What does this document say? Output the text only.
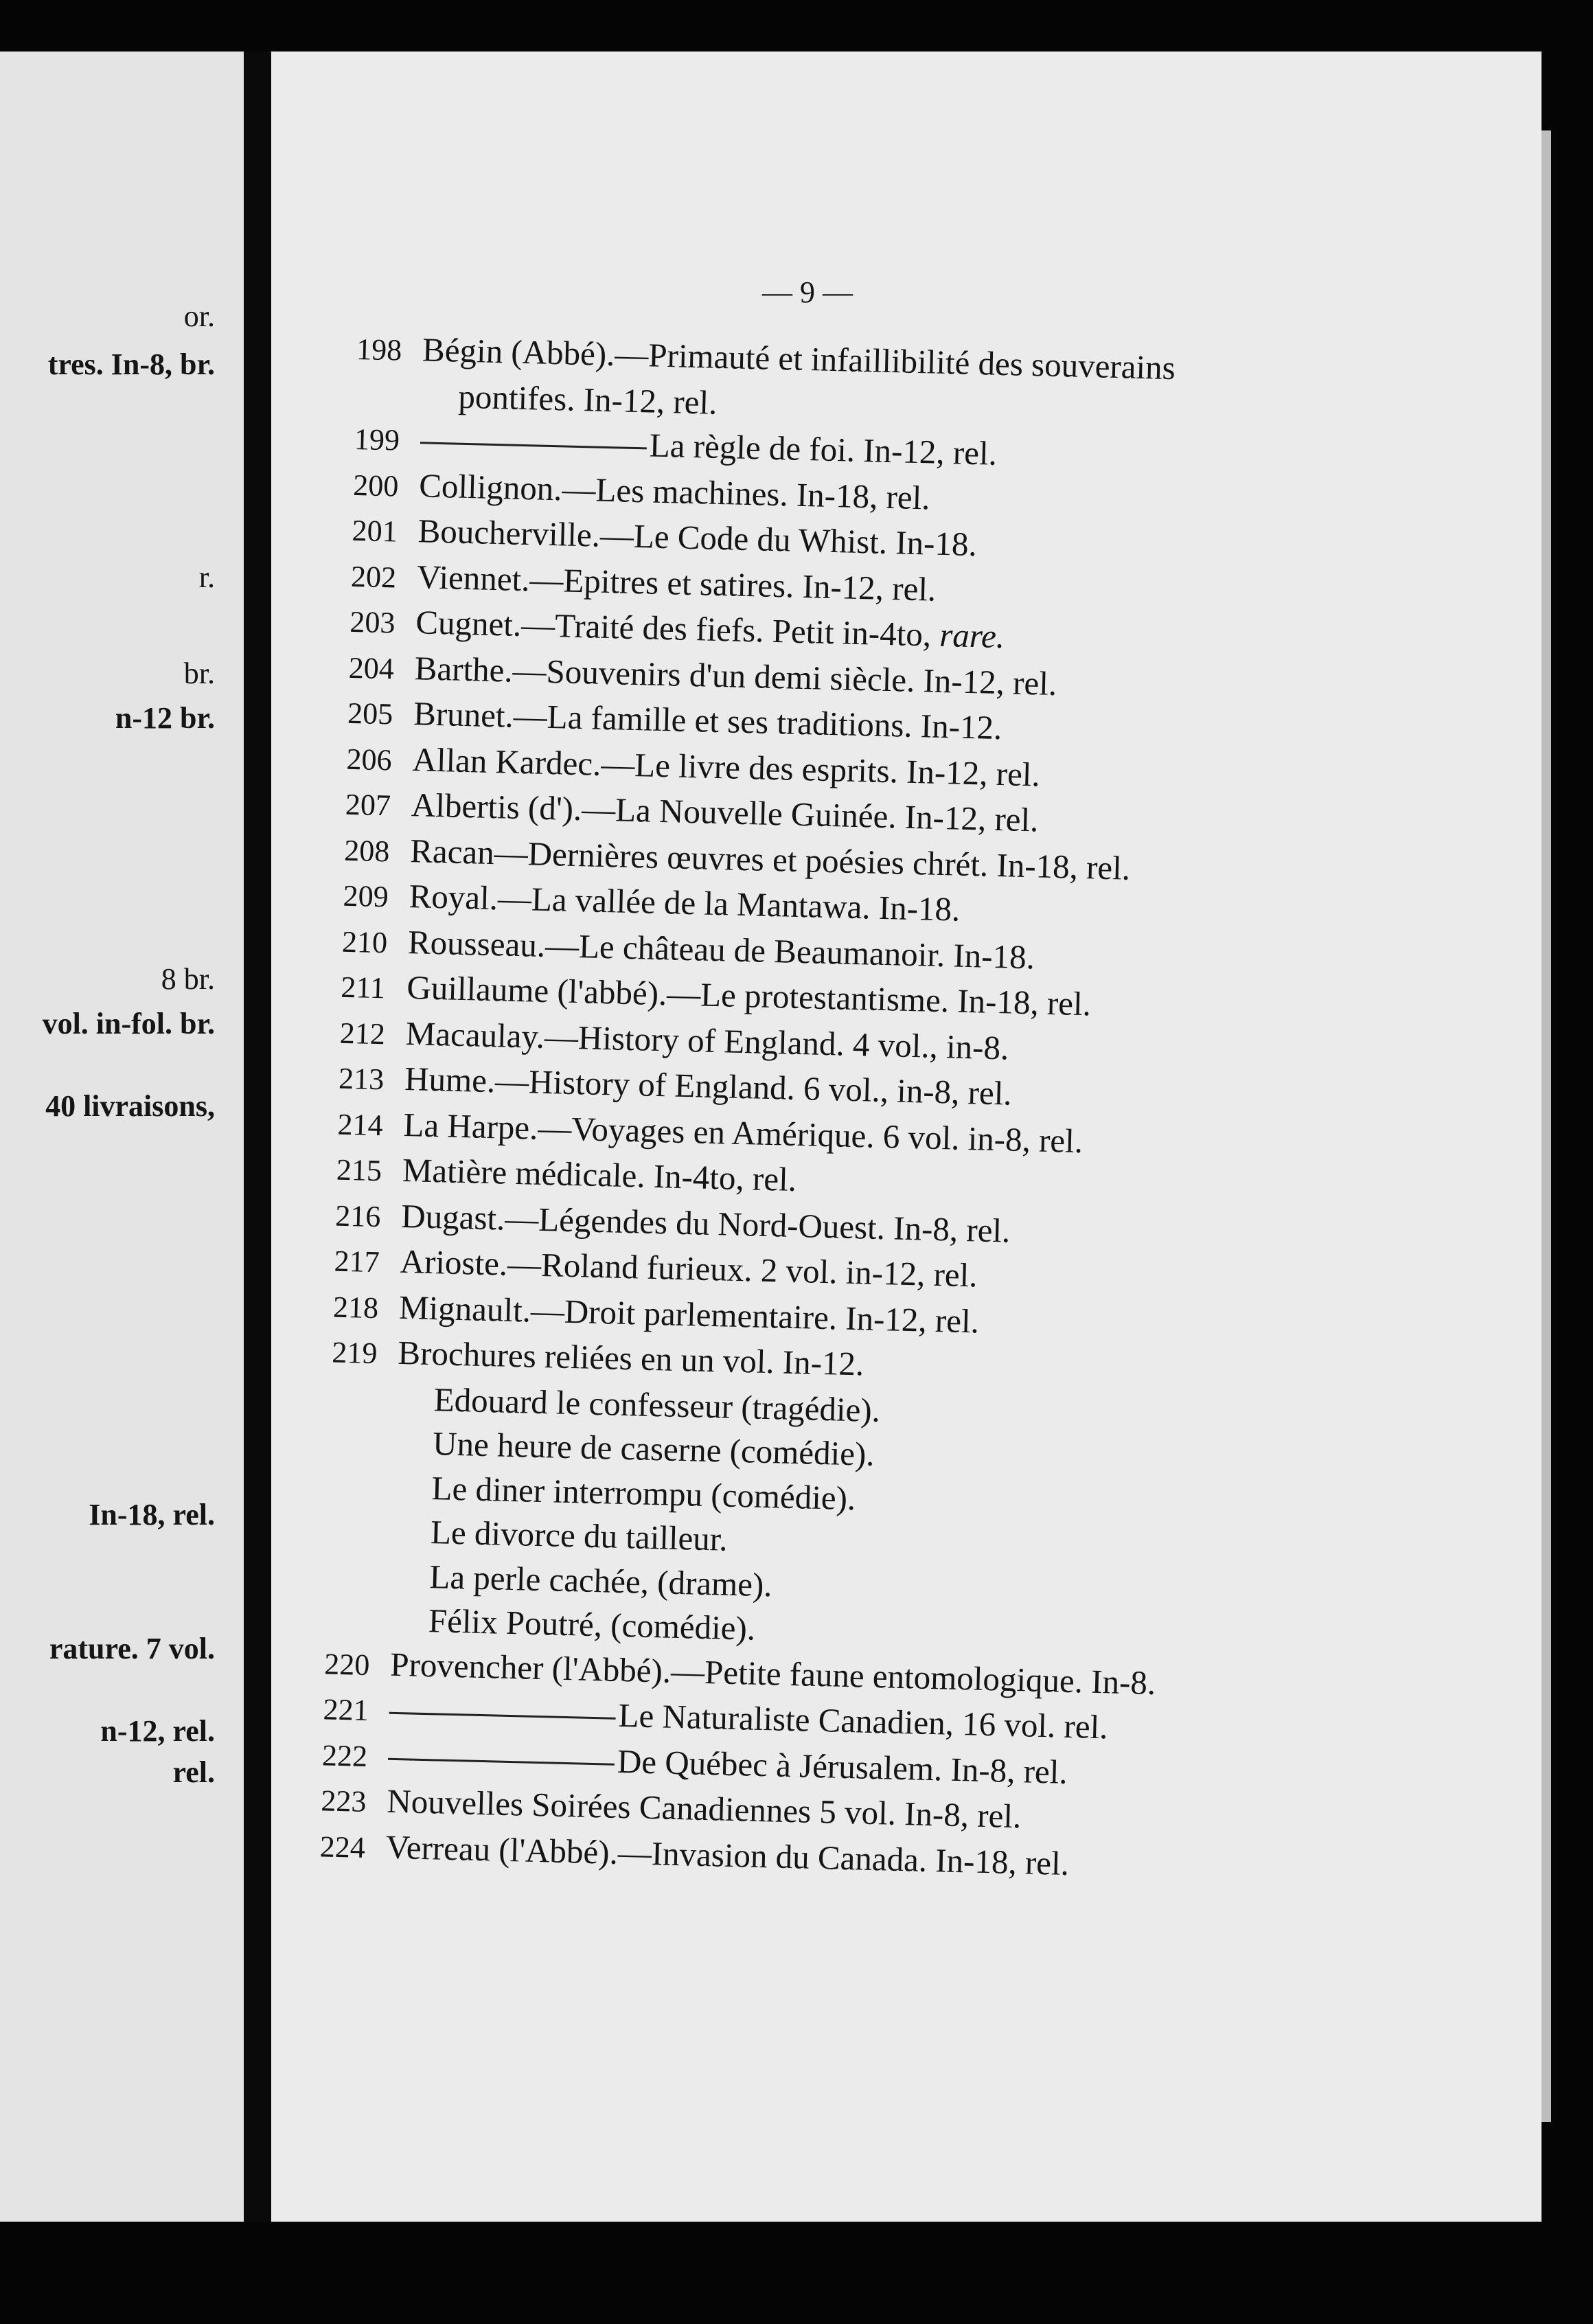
or.
tres. In-8, br.
r.
br.
n-12 br.
8 br.
vol. in-fol. br.
40 livraisons,
In-18, rel.
rature. 7 vol.
n-12, rel.
rel.
— 9 —
198 Bégin (Abbé).—Primauté et infaillibilité des souverains
pontifes. In-12, rel.
199	La règle de foi. In-12, rel.
200 Collignon.—Les machines. In-18, rel.
201 Boucherville.—Le Code du Whist. In-18.
202 Viennet.—Epitres et satires. In-12, rel.
203 Cugnet.—Traité des fiefs. Petit in-4to, rare.
204 Barthe.—Souvenirs d'un demi siècle. In-12, rel.
205 Brunet.—La famille et ses traditions. In-12.
206 Allan Kardec.—Le livre des esprits. In-12, rel.
207 Albertis (d').—La Nouvelle Guinée. In-12, rel.
208 Racan—Dernières œuvres et poésies chrét. In-18, rel.
209 Royal.—La vallée de la Mantawa. In-18.
210 Rousseau.—Le château de Beaumanoir. In-18.
211 Guillaume (l'abbé).—Le protestantisme. In-18, rel.
212 Macaulay.—History of England. 4 vol., in-8.
213 Hume.—History of England. 6 vol., in-8, rel.
214 La Harpe.—Voyages en Amérique. 6 vol. in-8, rel.
215 Matière médicale. In-4to, rel.
216 Dugast.—Légendes du Nord-Ouest. In-8, rel.
217 Arioste.—Roland furieux. 2 vol. in-12, rel.
218 Mignault.—Droit parlementaire. In-12, rel.
219 Brochures reliées en un vol. In-12.
Edouard le confesseur (tragédie).
Une heure de caserne (comédie).
Le diner interrompu (comédie).
Le divorce du tailleur.
La perle cachée, (drame).
Félix Poutré, (comédie).
220 Provencher (l'Abbé).—Petite faune entomologique. In-8.
221	Le Naturaliste Canadien, 16 vol. rel.
222	De Québec à Jérusalem. In-8, rel.
223 Nouvelles Soirées Canadiennes 5 vol. In-8, rel.
224 Verreau (l'Abbé).—Invasion du Canada. In-18, rel.
